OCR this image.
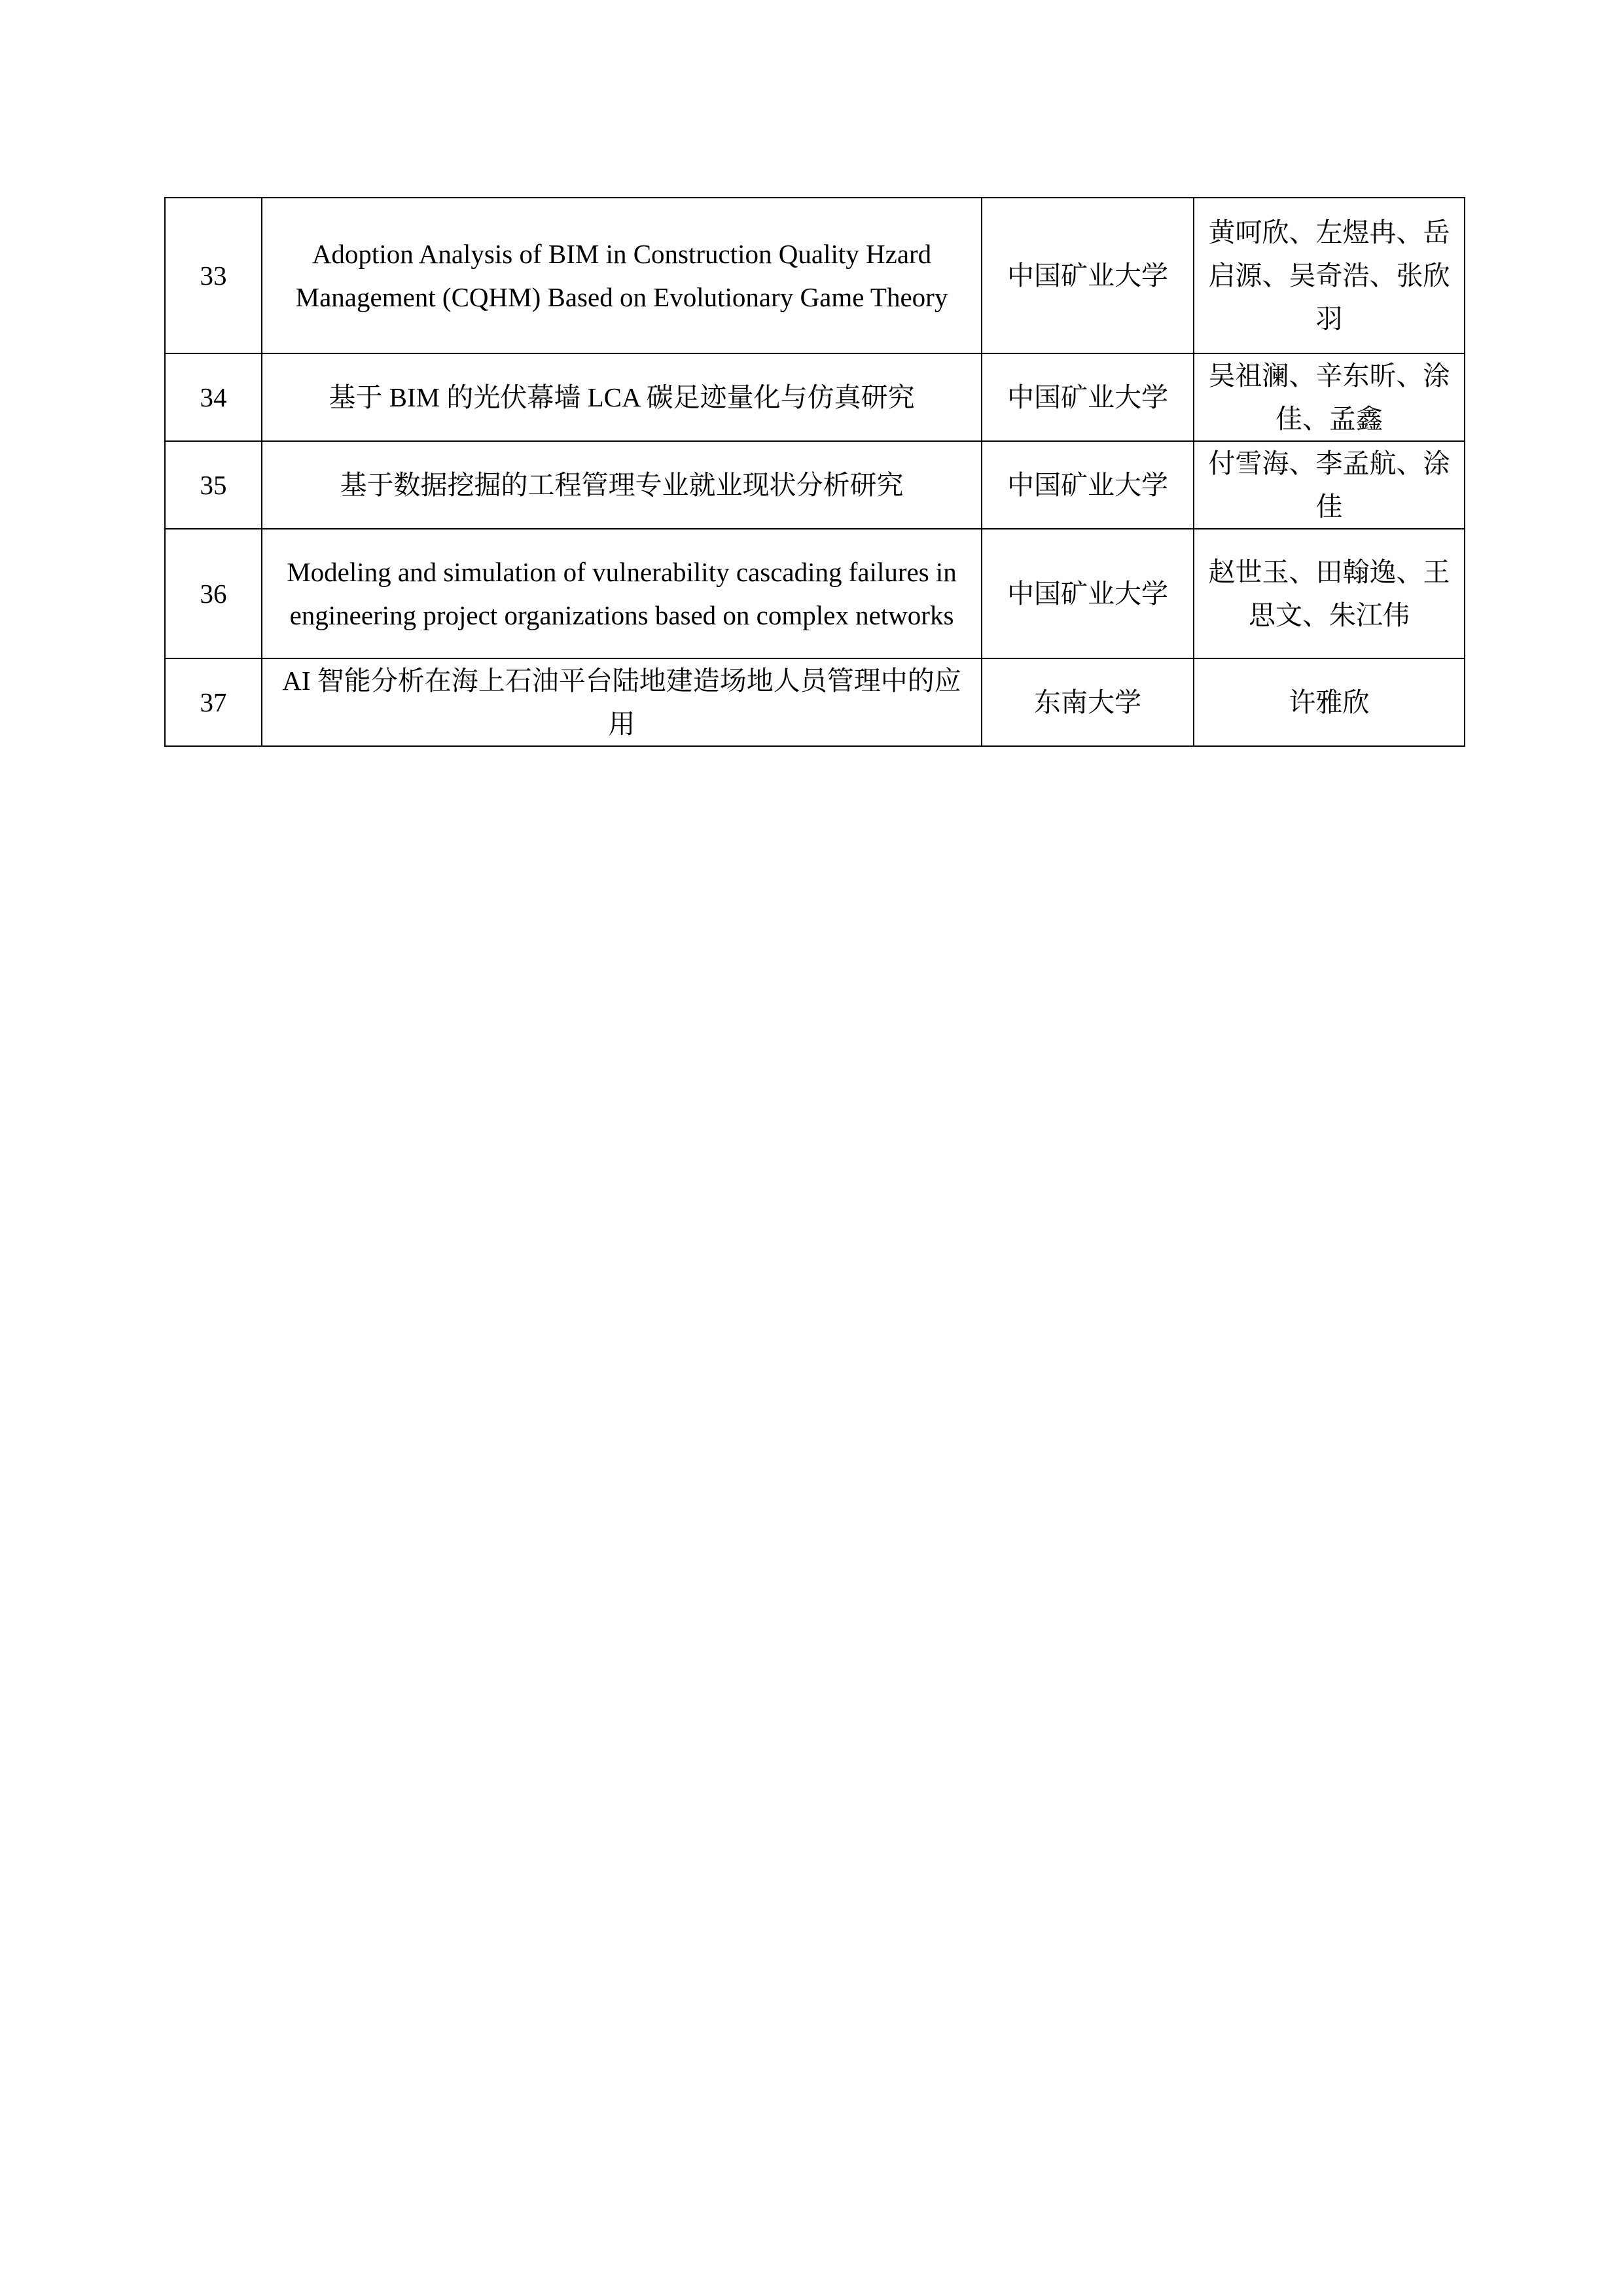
33	Adoption Analysis of BIM in Construction Quality Hzard Management (CQHM) Based on Evolutionary Game Theory	中国矿业大学	黄呵欣、左煜冉、岳启源、吴奇浩、张欣羽
34	基于 BIM 的光伏幕墙 LCA 碳足迹量化与仿真研究	中国矿业大学	吴祖澜、辛东昕、涂佳、孟鑫
35	基于数据挖掘的工程管理专业就业现状分析研究	中国矿业大学	付雪海、李孟航、涂佳
36	Modeling and simulation of vulnerability cascading failures in engineering project organizations based on complex networks	中国矿业大学	赵世玉、田翰逸、王思文、朱江伟
37	AI 智能分析在海上石油平台陆地建造场地人员管理中的应用	东南大学	许雅欣
